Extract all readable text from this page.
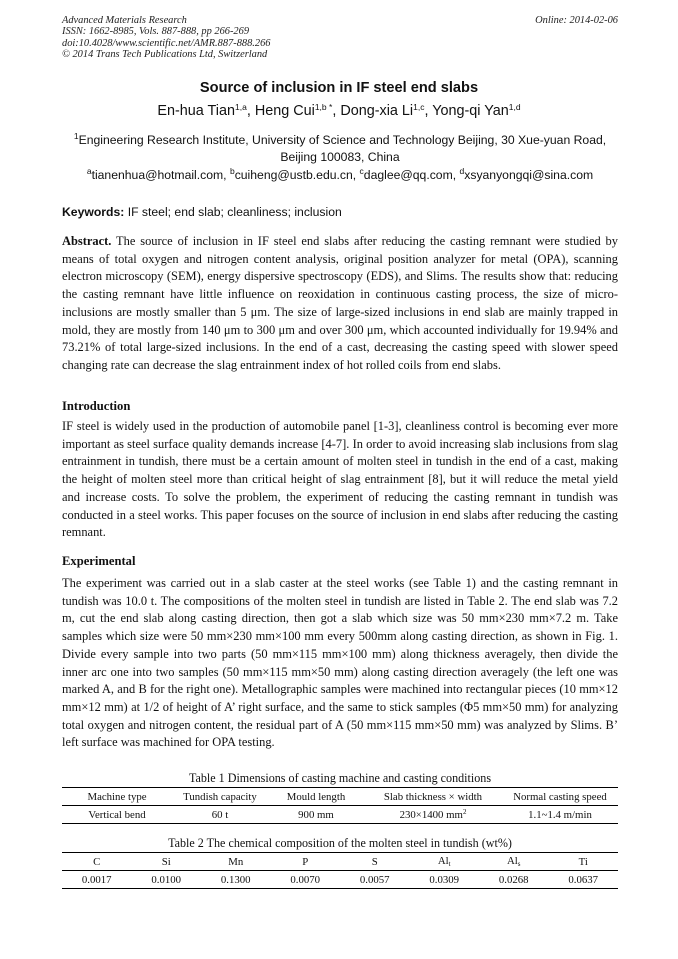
Advanced Materials Research
ISSN: 1662-8985, Vols. 887-888, pp 266-269
doi:10.4028/www.scientific.net/AMR.887-888.266
© 2014 Trans Tech Publications Ltd, Switzerland
Online: 2014-02-06
Source of inclusion in IF steel end slabs
En-hua Tian$^{1,a}$, Heng Cui$^{1,b *}$, Dong-xia Li$^{1,c}$, Yong-qi Yan$^{1,d}$
$^1$Engineering Research Institute, University of Science and Technology Beijing, 30 Xue-yuan Road,
Beijing 100083, China
$^a$tianenhua@hotmail.com, $^b$cuiheng@ustb.edu.cn, $^c$daglee@qq.com, $^d$xsyanyongqi@sina.com
Keywords: IF steel; end slab; cleanliness; inclusion
Abstract. The source of inclusion in IF steel end slabs after reducing the casting remnant were studied by means of total oxygen and nitrogen content analysis, original position analyzer for metal (OPA), scanning electron microscopy (SEM), energy dispersive spectroscopy (EDS), and Slims. The results show that: reducing the casting remnant have little influence on reoxidation in continuous casting process, the size of micro-inclusions are mostly smaller than 5 μm. The size of large-sized inclusions in end slab are mainly trapped in mold, they are mostly from 140 μm to 300 μm and over 300 μm, which accounted individually for 19.94% and 73.21% of total large-sized inclusions. In the end of a cast, decreasing the casting speed with slower speed changing rate can decrease the slag entrainment index of hot rolled coils from end slabs.
Introduction
IF steel is widely used in the production of automobile panel [1-3], cleanliness control is becoming ever more important as steel surface quality demands increase [4-7]. In order to avoid increasing slab inclusions from slag entrainment in tundish, there must be a certain amount of molten steel in tundish in the end of a cast, making the height of molten steel more than critical height of slag entrainment [8], but it will reduce the metal yield and increase costs. To solve the problem, the experiment of reducing the casting remnant in tundish was conducted in a steel works. This paper focuses on the source of inclusion in end slabs after reducing the casting remnant.
Experimental
The experiment was carried out in a slab caster at the steel works (see Table 1) and the casting remnant in tundish was 10.0 t. The compositions of the molten steel in tundish are listed in Table 2. The end slab was 7.2 m, cut the end slab along casting direction, then got a slab which size was 50 mm×230 mm×7.2 m. Take samples which size were 50 mm×230 mm×100 mm every 500mm along casting direction, as shown in Fig. 1. Divide every sample into two parts (50 mm×115 mm×100 mm) along thickness averagely, then divide the inner arc one into two samples (50 mm×115 mm×50 mm) along casting direction averagely (the left one was marked A, and B for the right one). Metallographic samples were machined into rectangular pieces (10 mm×12 mm×12 mm) at 1/2 of height of A’ right surface, and the same to stick samples (Φ5 mm×50 mm) for analyzing total oxygen and nitrogen content, the residual part of A (50 mm×115 mm×50 mm) was analyzed by Slims. B’ left surface was machined for OPA testing.
Table 1 Dimensions of casting machine and casting conditions
Machine type	Tundish capacity	Mould length	Slab thickness × width	Normal casting speed
Vertical bend	60 t	900 mm	230×1400 $mm^2$	1.1~1.4 m/min
Table 2 The chemical composition of the molten steel in tundish (wt%)
C	Si	Mn	P	S	$Al_t$	$Al_s$	Ti
0.0017	0.0100	0.1300	0.0070	0.0057	0.0309	0.0268	0.0637
